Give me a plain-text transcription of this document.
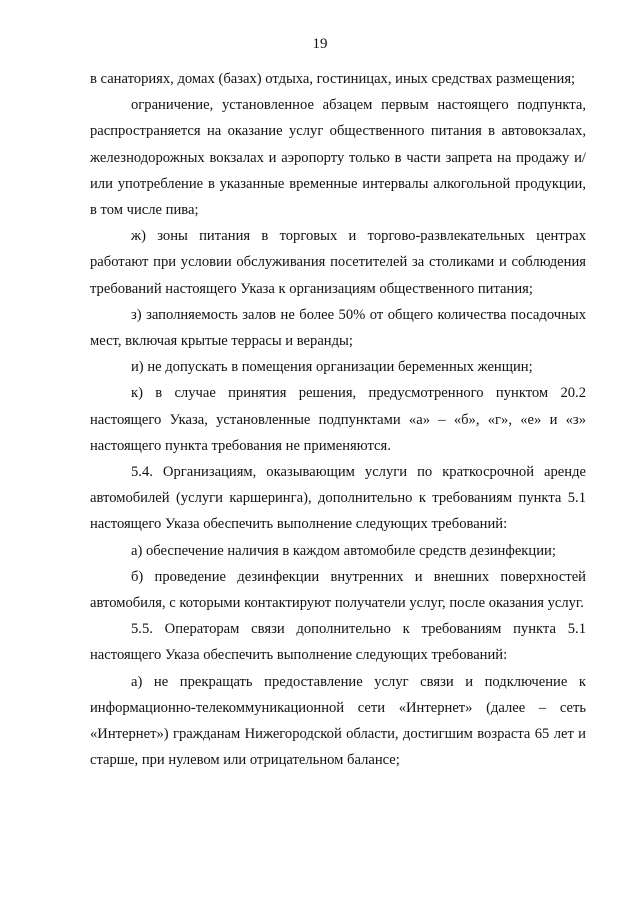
19

в санаториях, домах (базах) отдыха, гостиницах, иных средствах размещения;

ограничение, установленное абзацем первым настоящего подпункта, распространяется на оказание услуг общественного питания в автовокзалах, железнодорожных вокзалах и аэропорту только в части запрета на продажу и/или употребление в указанные временные интервалы алкогольной продукции, в том числе пива;

ж) зоны питания в торговых и торгово-развлекательных центрах работают при условии обслуживания посетителей за столиками и соблюдения требований настоящего Указа к организациям общественного питания;

з) заполняемость залов не более 50% от общего количества посадочных мест, включая крытые террасы и веранды;

и) не допускать в помещения организации беременных женщин;

к) в случае принятия решения, предусмотренного пунктом 20.2 настоящего Указа, установленные подпунктами «а» – «б», «г», «е» и «з» настоящего пункта требования не применяются.

5.4. Организациям, оказывающим услуги по краткосрочной аренде автомобилей (услуги каршеринга), дополнительно к требованиям пункта 5.1 настоящего Указа обеспечить выполнение следующих требований:

а) обеспечение наличия в каждом автомобиле средств дезинфекции;

б) проведение дезинфекции внутренних и внешних поверхностей автомобиля, с которыми контактируют получатели услуг, после оказания услуг.

5.5. Операторам связи дополнительно к требованиям пункта 5.1 настоящего Указа обеспечить выполнение следующих требований:

а) не прекращать предоставление услуг связи и подключение к информационно-телекоммуникационной сети «Интернет» (далее – сеть «Интернет») гражданам Нижегородской области, достигшим возраста 65 лет и старше, при нулевом или отрицательном балансе;
